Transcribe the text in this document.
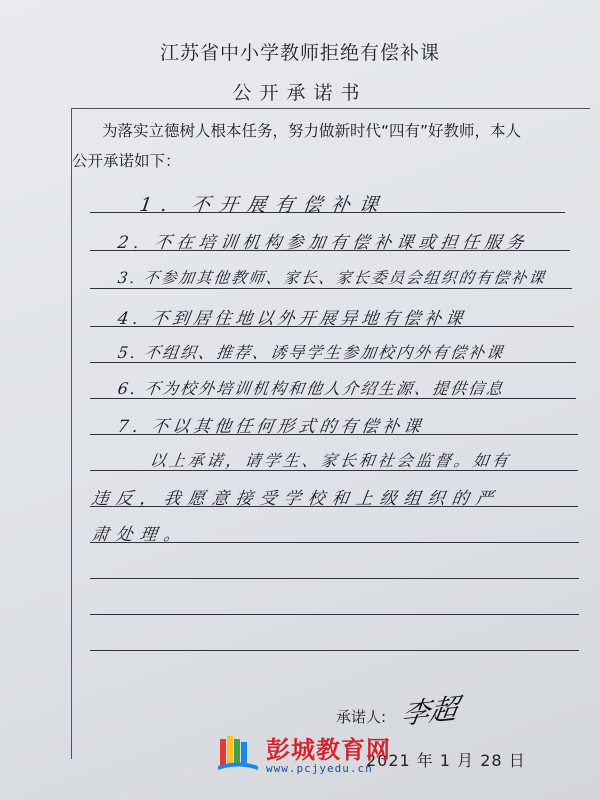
江苏省中小学教师拒绝有偿补课
公开承诺书
为落实立德树人根本任务，努力做新时代“四有”好教师，本人
公开承诺如下：
1. 不开展有偿补课
2. 不在培训机构参加有偿补课或担任服务
3. 不参加其他教师、家长、家长委员会组织的有偿补课
4. 不到居住地以外开展异地有偿补课
5. 不组织、推荐、诱导学生参加校内外有偿补课
6. 不为校外培训机构和他人介绍生源、提供信息
7. 不以其他任何形式的有偿补课
以上承诺，请学生、家长和社会监督。如有
违反，我愿意接受学校和上级组织的严
肃处理。
承诺人: 李超
2021 年 1 月 28 日
彭城教育网
www.pcjyedu.cn
